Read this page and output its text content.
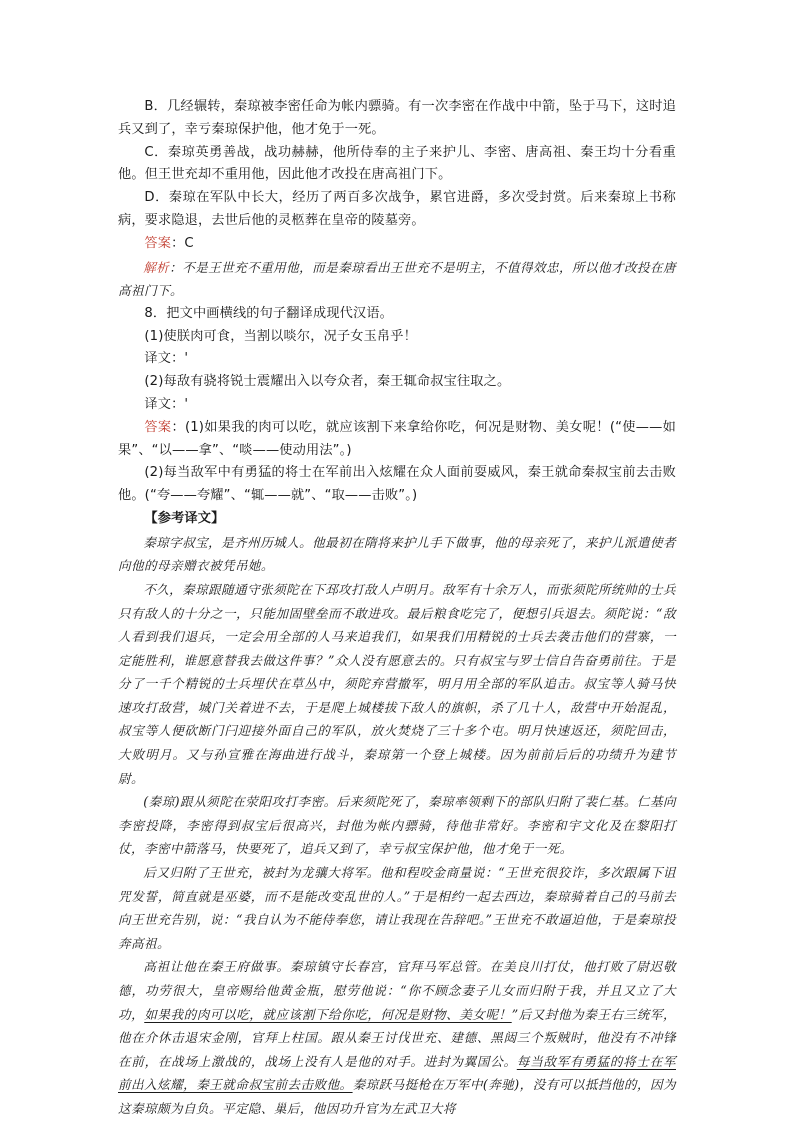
B．几经辗转，秦琼被李密任命为帐内骠骑。有一次李密在作战中中箭，坠于马下，这时追兵又到了，幸亏秦琼保护他，他才免于一死。

C．秦琼英勇善战，战功赫赫，他所侍奉的主子来护儿、李密、唐高祖、秦王均十分看重他。但王世充却不重用他，因此他才改投在唐高祖门下。

D．秦琼在军队中长大，经历了两百多次战争，累官进爵，多次受封赏。后来秦琼上书称病，要求隐退，去世后他的灵柩葬在皇帝的陵墓旁。

答案：C

解析：不是王世充不重用他，而是秦琼看出王世充不是明主，不值得效忠，所以他才改投在唐高祖门下。

8．把文中画横线的句子翻译成现代汉语。

(1)使朕肉可食，当割以啖尔，况子女玉帛乎！

译文：'

(2)每敌有骁将锐士震耀出入以夸众者，秦王辄命叔宝往取之。

译文：'

答案：(1)如果我的肉可以吃，就应该割下来拿给你吃，何况是财物、美女呢！(“使——如果”、“以——拿”、“啖——使动用法”。)

(2)每当敌军中有勇猛的将士在军前出入炫耀在众人面前耍威风，秦王就命秦叔宝前去击败他。(“夸——夸耀”、“辄——就”、“取——击败”。)

【参考译文】

秦琼字叔宝，是齐州历城人。他最初在隋将来护儿手下做事，他的母亲死了，来护儿派遣使者向他的母亲赠衣被凭吊她。

不久，秦琼跟随通守张须陀在下邳攻打敌人卢明月。敌军有十余万人，而张须陀所统帅的士兵只有敌人的十分之一，只能加固壁垒而不敢进攻。最后粮食吃完了，便想引兵退去。须陀说：“敌人看到我们退兵，一定会用全部的人马来追我们，如果我们用精锐的士兵去袭击他们的营寨，一定能胜利，谁愿意替我去做这件事？”众人没有愿意去的。只有叔宝与罗士信自告奋勇前往。于是分了一千个精锐的士兵埋伏在草丛中，须陀弃营撤军，明月用全部的军队追击。叔宝等人骑马快速攻打敌营，城门关着进不去，于是爬上城楼拔下敌人的旗帜，杀了几十人，敌营中开始混乱，叔宝等人便砍断门闩迎接外面自己的军队，放火焚烧了三十多个屯。明月快速返还，须陀回击，大败明月。又与孙宣雅在海曲进行战斗，秦琼第一个登上城楼。因为前前后后的功绩升为建节尉。

(秦琼)跟从须陀在荥阳攻打李密。后来须陀死了，秦琼率领剩下的部队归附了裴仁基。仁基向李密投降，李密得到叔宝后很高兴，封他为帐内骠骑，待他非常好。李密和宇文化及在黎阳打仗，李密中箭落马，快要死了，追兵又到了，幸亏叔宝保护他，他才免于一死。

后又归附了王世充，被封为龙骧大将军。他和程咬金商量说：“王世充很狡诈，多次跟属下诅咒发誓，简直就是巫婆，而不是能改变乱世的人。”于是相约一起去西边，秦琼骑着自己的马前去向王世充告别，说：“我自认为不能侍奉您，请让我现在告辞吧。”王世充不敢逼迫他，于是秦琼投奔高祖。

高祖让他在秦王府做事。秦琼镇守长春宫，官拜马军总管。在美良川打仗，他打败了尉迟敬德，功劳很大，皇帝赐给他黄金瓶，慰劳他说：“你不顾念妻子儿女而归附于我，并且又立了大功，如果我的肉可以吃，就应该割下给你吃，何况是财物、美女呢！”后又封他为秦王右三统军，他在介休击退宋金刚，官拜上柱国。跟从秦王讨伐世充、建德、黑闼三个叛贼时，他没有不冲锋在前，在战场上激战的，战场上没有人是他的对手。进封为翼国公。每当敌军有勇猛的将士在军前出入炫耀，秦王就命叔宝前去击败他。秦琼跃马挺枪在万军中(奔驰)，没有可以抵挡他的，因为这秦琼颇为自负。平定隐、巢后，他因功升官为左武卫大将
